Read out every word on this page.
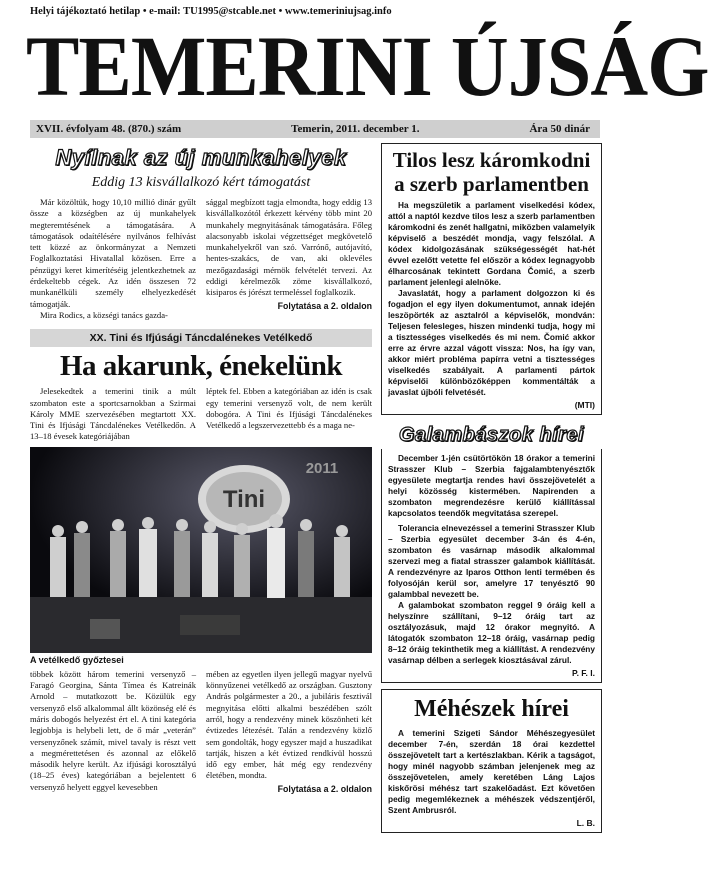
Helyi tájékoztató hetilap • e-mail: TU1995@stcable.net • www.temeriniujsag.info
TEMERINI ÚJSÁG
XVII. évfolyam 48. (870.) szám	Temerin, 2011. december 1.	Ára 50 dinár
Nyílnak az új munkahelyek
Eddig 13 kisvállalkozó kért támogatást

Már közöltük, hogy 10,10 millió dinár gyűlt össze a községben az új munkahelyek megteremtésének a támogatására. A támogatások odaítélésére nyilvános felhívást tett közzé az önkormányzat a Nemzeti Foglalkoztatási Hivatallal közösen. Erre a pénzügyi keret kimerítéséig jelentkezhetnek az érdekeltebb cégek. Az idén összesen 72 munkanélküli személy elhelyezkedését támogatják.

Mira Rodics, a községi tanács gazda-

sággal megbízott tagja elmondta, hogy eddig 13 kisvállalkozótól érkezett kérvény több mint 20 munkahely megnyitásának támogatására. Főleg alacsonyabb iskolai végzettséget megkövetelő munkahelyekről van szó. Varrónő, autójavító, hentes-szakács, de van, aki oklevéles mezőgazdasági mérnök felvételét tervezi. Az eddigi kérelmezők zöme kisvállalkozó, kisiparos és jórészt termeléssel foglalkozik.

Folytatása a 2. oldalon
XX. Tini és Ifjúsági Táncdalénekes Vetélkedő
Ha akarunk, énekelünk

Jelesekedtek a temerini tinik a múlt szombaton este a sportcsarnokban a Szirmai Károly MME szervezésében megtartott XX. Tini és Ifjúsági Táncdalénekes Vetélkedőn. A 13–18 évesek kategóriájában

léptek fel. Ebben a kategóriában az idén is csak egy temerini versenyző volt, de nem került dobogóra. A Tini és Ifjúsági Táncdalénekes Vetélkedő a legszervezettebb és a maga ne-

Tini
2011
A vetélkedő győztesei

többek között három temerini versenyző – Faragó Georgina, Sánta Tímea és Katreinák Arnold – mutatkozott be. Közülük egy versenyző első alkalommal állt közönség elé és máris dobogós helyezést ért el. A tini kategória legjobbja is helybeli lett, de ő már „veterán” versenyzőnek számít, mivel tavaly is részt vett a megmérettetésen és azonnal az előkelő második helyre került. Az ifjúsági korosztályú (18–25 éves) kategóriában a bejelentett 6 versenyző helyett eggyel kevesebben

mében az egyetlen ilyen jellegű magyar nyelvű könnyűzenei vetélkedő az országban. Gusztony András polgármester a 20., a jubiláris fesztivál megnyitása előtti alkalmi beszédében szólt arról, hogy a rendezvény minek köszönheti két évtizedes létezését. Talán a rendezvény közlő sem gondolták, hogy egyszer majd a huszadikat tartják, hiszen a két évtized rendkívül hosszú idő egy ember, hát még egy rendezvény életében, mondta.

Folytatása a 2. oldalon
Tilos lesz káromkodni a szerb parlamentben

Ha megszületik a parlament viselkedési kódex, attól a naptól kezdve tilos lesz a szerb parlamentben káromkodni és zenét hallgatni, miközben valamelyik képviselő a beszédét mondja, vagy felszólal. A kódex kidolgozásának szükségességét hat-hét évvel ezelőtt vetette fel először a kódex legnagyobb élharcosának tekintett Gordana Čomić, a szerb parlament jelenlegi alelnöke.

Javaslatát, hogy a parlament dolgozzon ki és fogadjon el egy ilyen dokumentumot, annak idején leszöpörték az asztalról a képviselők, mondván: Teljesen felesleges, hiszen mindenki tudja, hogy mi a tisztességes viselkedés és mi nem. Čomić akkor erre az érvre azzal vágott vissza: Nos, ha így van, akkor miért probléma papírra vetni a tisztességes viselkedés szabályait. A parlamenti pártok képviselői különbözőképpen kommentálták a javaslat újbóli felvetését.

(MTI)
Galambászok hírei

December 1-jén csütörtökön 18 órakor a temerini Strasszer Klub – Szerbia fajgalambtenyésztők egyesülete megtartja rendes havi összejövetelét a helyi közösség kistermében. Napirenden a szombaton megrendezésre kerülő kiállítással kapcsolatos teendők megvitatása szerepel.

Tolerancia elnevezéssel a temerini Strasszer Klub – Szerbia egyesület december 3-án és 4-én, szombaton és vasárnap második alkalommal szervezi meg a fiatal strasszer galambok kiállítását. A rendezvényre az Iparos Otthon lenti termében és folyosóján kerül sor, amelyre 17 tenyésztő 90 galambbal nevezett be.

A galambokat szombaton reggel 9 óráig kell a helyszínre szállítani, 9–12 óráig tart az osztályozásuk, majd 12 órakor megnyitó. A látogatók szombaton 12–18 óráig, vasárnap pedig 8–12 óráig tekinthetik meg a kiállítást. A rendezvény vasárnap délben a serlegek kiosztásával zárul.

P. F. I.
Méhészek hírei

A temerini Szigeti Sándor Méhészegyesület december 7-én, szerdán 18 órai kezdettel összejövetelt tart a kertészlakban. Kérik a tagságot, hogy minél nagyobb számban jelenjenek meg az összejövetelen, amely keretében Láng Lajos kiskőrösi méhész tart szakelőadást. Ezt követően pedig megemlékeznek a méhészek védszentjéről, Szent Ambrusról.

L. B.
